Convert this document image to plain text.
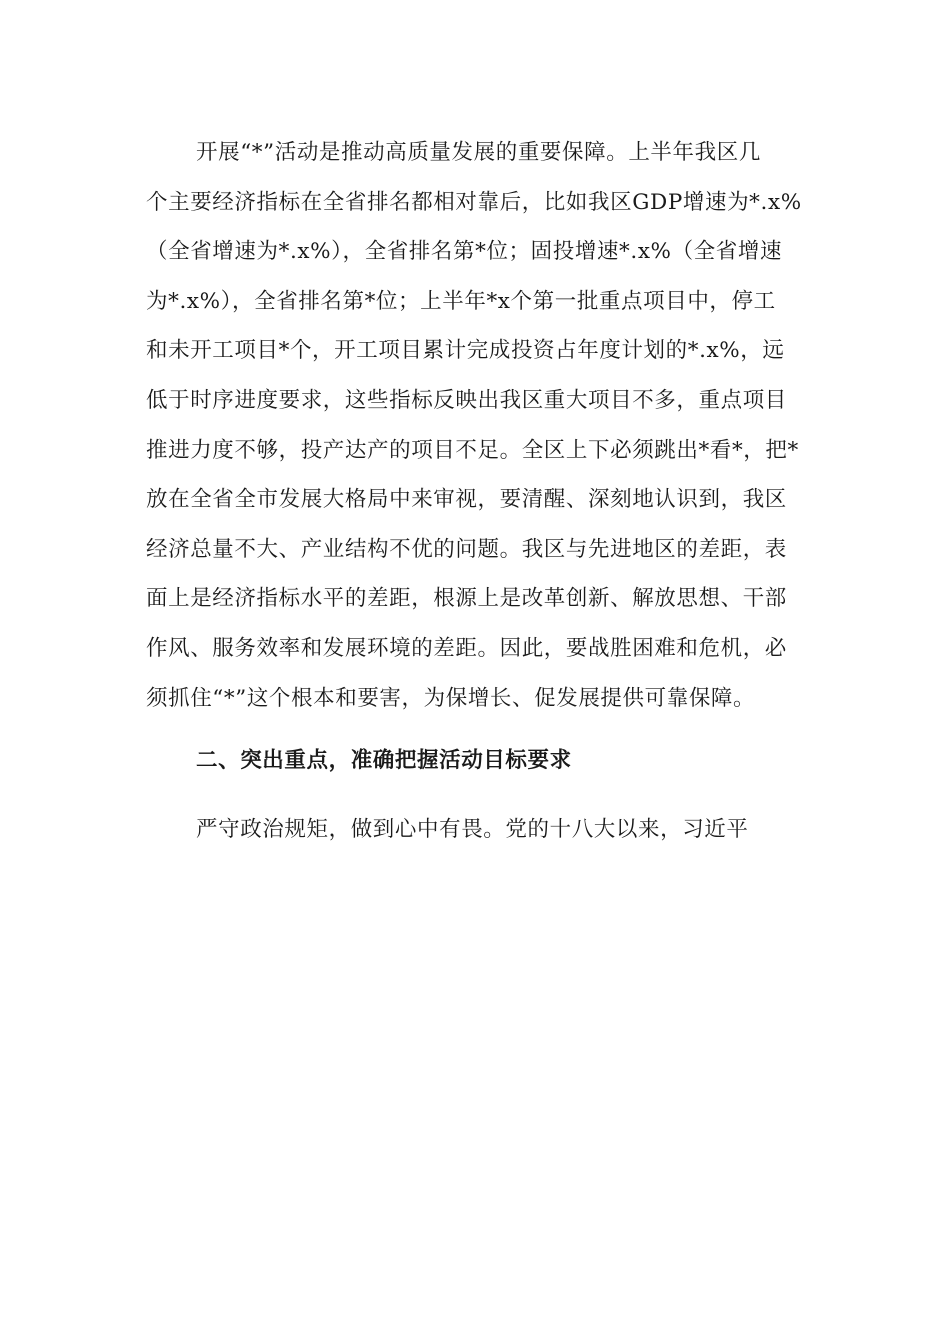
开展“*”活动是推动高质量发展的重要保障。上半年我区几
个主要经济指标在全省排名都相对靠后，比如我区GDP增速为*.x%
（全省增速为*.x%），全省排名第*位；固投增速*.x%（全省增速
为*.x%），全省排名第*位；上半年*x个第一批重点项目中，停工
和未开工项目*个，开工项目累计完成投资占年度计划的*.x%，远
低于时序进度要求，这些指标反映出我区重大项目不多，重点项目
推进力度不够，投产达产的项目不足。全区上下必须跳出*看*，把*
放在全省全市发展大格局中来审视，要清醒、深刻地认识到，我区
经济总量不大、产业结构不优的问题。我区与先进地区的差距，表
面上是经济指标水平的差距，根源上是改革创新、解放思想、干部
作风、服务效率和发展环境的差距。因此，要战胜困难和危机，必
须抓住“*”这个根本和要害，为保增长、促发展提供可靠保障。
二、突出重点，准确把握活动目标要求
严守政治规矩，做到心中有畏。党的十八大以来，习近平
